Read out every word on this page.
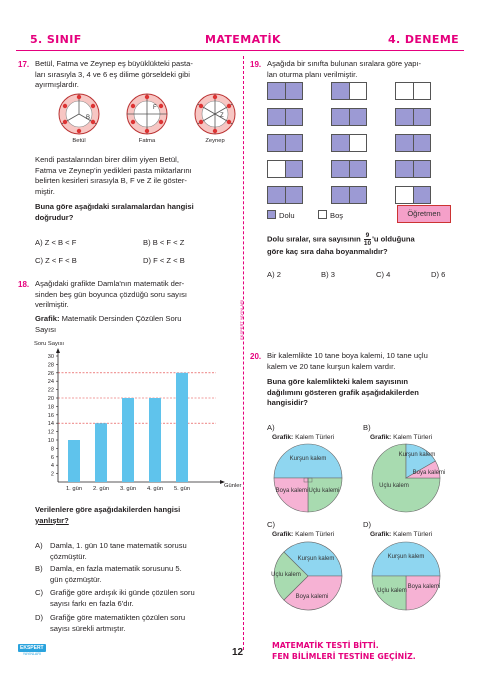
5. SINIF	MATEMATİK	4. DENEME
EKSPERT YAYINLARI
17. Betül, Fatma ve Zeynep eş büyüklükteki pasta-
ları sırasıyla 3, 4 ve 6 eş dilime görseldeki gibi
ayırmışlardır.
B
F
Z
Betül	Fatma	Zeynep
Kendi pastalarından birer dilim yiyen Betül,
Fatma ve Zeynep'in yedikleri pasta miktarlarını
belirten kesirleri sırasıyla B, F ve Z ile göster-
miştir.
Buna göre aşağıdaki sıralamalardan hangisi
doğrudur?
A) Z < B < F	B) B < F < Z
C) Z < F < B	D) F < Z < B
18. Aşağıdaki grafikte Damla'nın matematik der-
sinden beş gün boyunca çözdüğü soru sayısı
verilmiştir.
Grafik: Matematik Dersinden Çözülen Soru
Sayısı
Soru Sayısı
2
4
6
8
10
12
14
16
18
20
22
24
26
28
30
1. gün 2. gün 3. gün 4. gün 5. gün	Günler
Verilenlere göre aşağıdakilerden hangisi
yanlıştır?
A) Damla, 1. gün 10 tane matematik sorusu
çözmüştür.
B) Damla, en fazla matematik sorusunu 5.
gün çözmüştür.
C) Grafiğe göre ardışık iki günde çözülen soru
sayısı farkı en fazla 6'dır.
D) Grafiğe göre matematikten çözülen soru
sayısı sürekli artmıştır.
19. Aşağıda bir sınıfta bulunan sıralara göre yapı-
lan oturma planı verilmiştir.
Dolu	Boş	Öğretmen
Dolu sıralar, sıra sayısının $\frac{9}{10}'u$ olduğuna
göre kaç sıra daha boyanmalıdır?
A) 2	B) 3	C) 4	D) 6
20. Bir kalemlikte 10 tane boya kalemi, 10 tane uçlu
kalem ve 20 tane kurşun kalem vardır.
Buna göre kalemlikteki kalem sayısının
dağılımını gösteren grafik aşağıdakilerden
hangisidir?
A)
Grafik: Kalem Türleri
Kurşun kalem
Boya kalemi Uçlu kalemi
B)
Grafik: Kalem Türleri
Kurşun kalem
Boya kalemi
Uçlu kalem
C)
Grafik: Kalem Türleri
Kurşun kalem
Boya kalemi
Uçlu kalem
D)
Grafik: Kalem Türleri
Kurşun kalem
Boya kalemi
Uçlu kalem
EKSPERT
YAYINLARI	12
MATEMATİK TESTİ BİTTİ.
FEN BİLİMLERİ TESTİNE GEÇİNİZ.
